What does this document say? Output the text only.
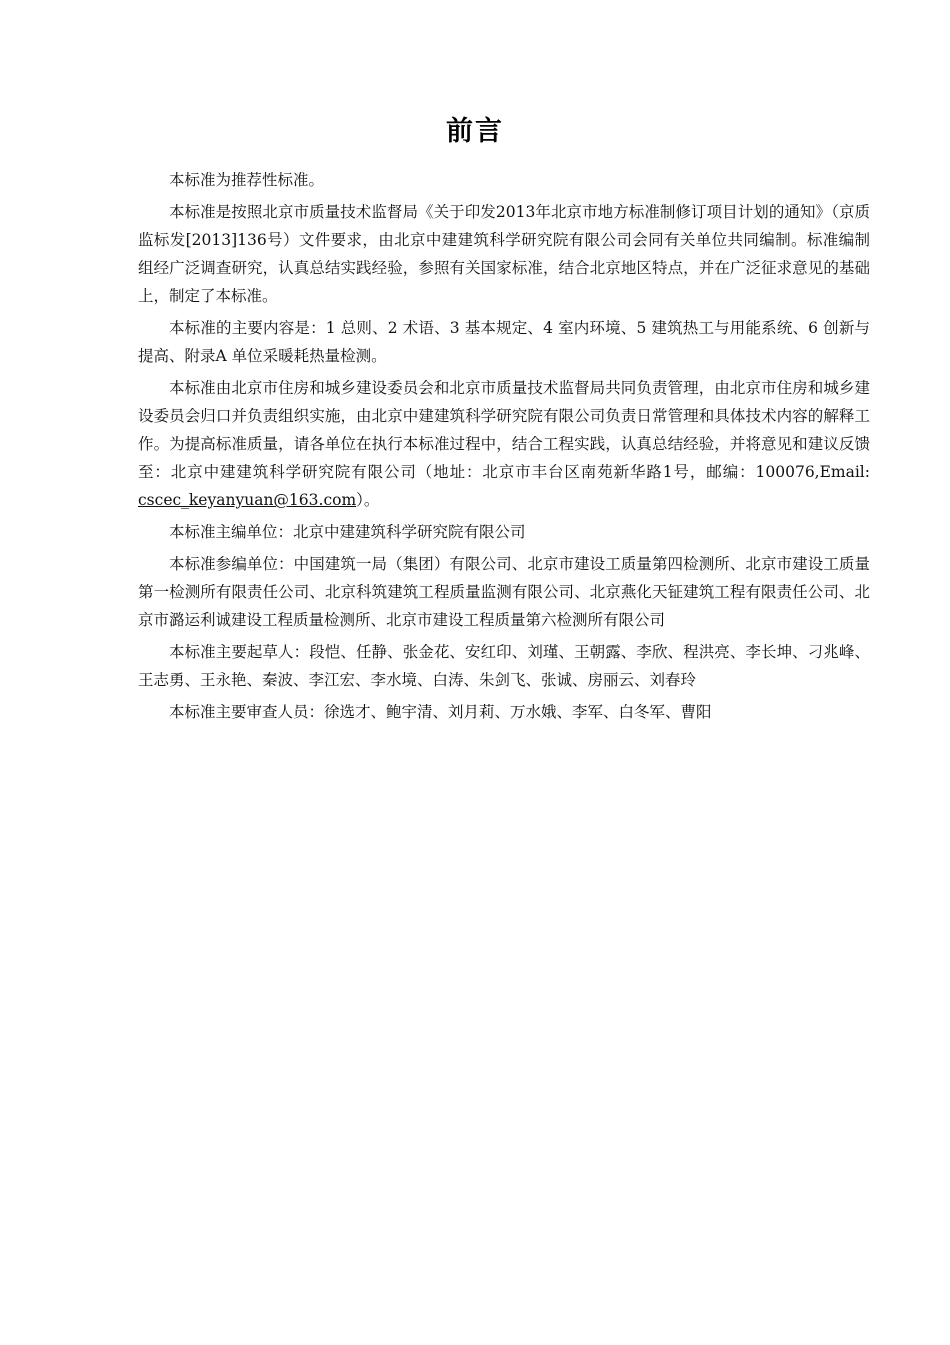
前言

本标准为推荐性标准。

本标准是按照北京市质量技术监督局《关于印发2013年北京市地方标准制修订项目计划的通知》（京质监标发[2013]136号）文件要求，由北京中建建筑科学研究院有限公司会同有关单位共同编制。标准编制组经广泛调查研究，认真总结实践经验，参照有关国家标准，结合北京地区特点，并在广泛征求意见的基础上，制定了本标准。

本标准的主要内容是：1 总则、2 术语、3 基本规定、4 室内环境、5 建筑热工与用能系统、6 创新与提高、附录A 单位采暖耗热量检测。

本标准由北京市住房和城乡建设委员会和北京市质量技术监督局共同负责管理，由北京市住房和城乡建设委员会归口并负责组织实施，由北京中建建筑科学研究院有限公司负责日常管理和具体技术内容的解释工作。为提高标准质量，请各单位在执行本标准过程中，结合工程实践，认真总结经验，并将意见和建议反馈至：北京中建建筑科学研究院有限公司（地址：北京市丰台区南苑新华路1号，邮编：100076,Email: cscec_keyanyuan@163.com）。

本标准主编单位：北京中建建筑科学研究院有限公司

本标准参编单位：中国建筑一局（集团）有限公司、北京市建设工质量第四检测所、北京市建设工质量第一检测所有限责任公司、北京科筑建筑工程质量监测有限公司、北京燕化天钲建筑工程有限责任公司、北京市潞运利诚建设工程质量检测所、北京市建设工程质量第六检测所有限公司

本标准主要起草人：段恺、任静、张金花、安红印、刘瑾、王朝露、李欣、程洪亮、李长坤、刁兆峰、王志勇、王永艳、秦波、李江宏、李水境、白涛、朱剑飞、张诚、房丽云、刘春玲

本标准主要审查人员：徐选才、鲍宇清、刘月莉、万水娥、李军、白冬军、曹阳
